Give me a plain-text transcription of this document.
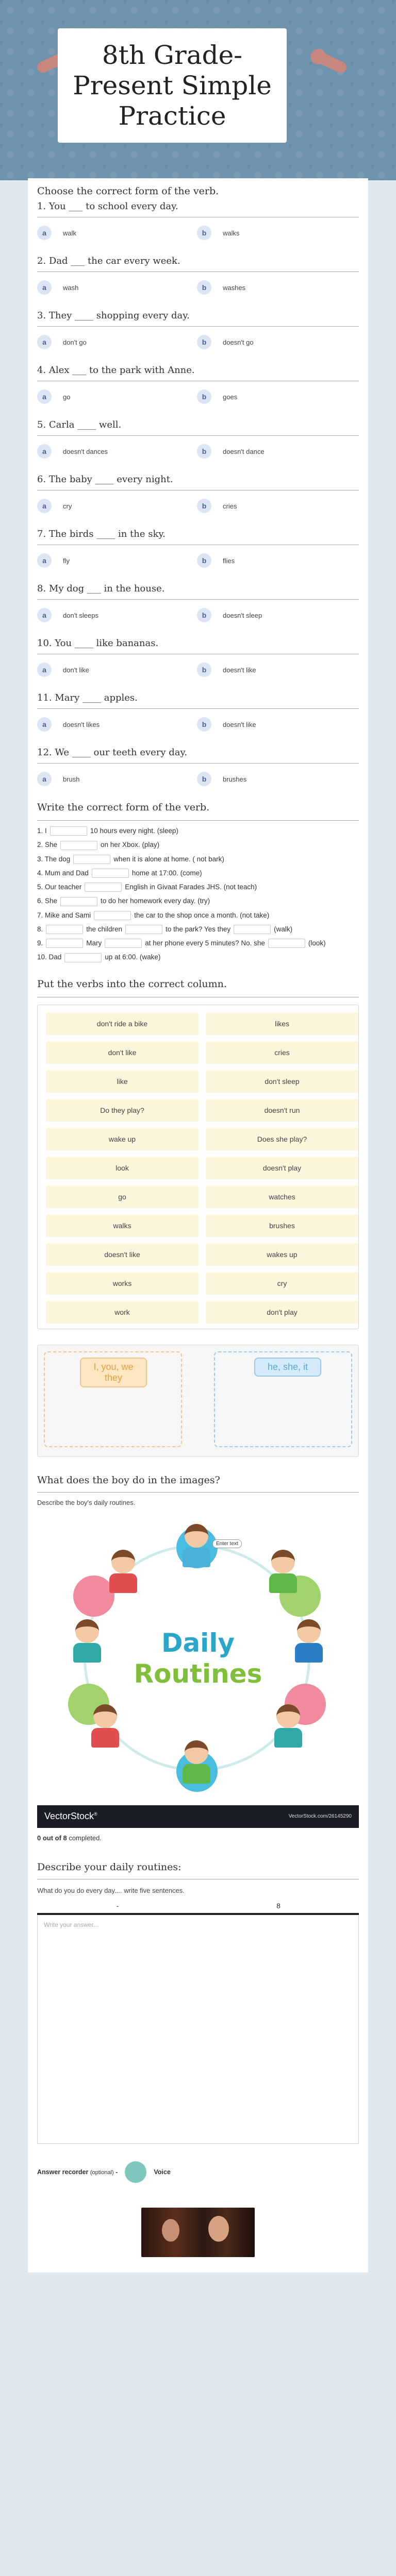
8th Grade- Present Simple Practice
Choose the correct form of the verb.
1. You ___ to school every day.
a	walk	b	walks
2. Dad ___ the car every week.
a	wash	b	washes
3. They ____ shopping every day.
a	don't go	b	doesn't go
4. Alex ___ to the park with Anne.
a	go	b	goes
5. Carla ____ well.
a	doesn't dances	b	doesn't dance
6. The baby ____ every night.
a	cry	b	cries
7. The birds ____ in the sky.
a	fly	b	flies
8. My dog ___ in the house.
a	don't sleeps	b	doesn't sleep
10. You ____ like bananas.
a	don't like	b	doesn't like
11. Mary ____ apples.
a	doesn't likes	b	doesn't like
12. We ____ our teeth every day.
a	brush	b	brushes
Write the correct form of the verb.
1. I	10 hours every night. (sleep)
2. She	on her Xbox. (play)
3. The dog	when it is alone at home. ( not bark)
4. Mum and Dad	home at 17:00. (come)
5. Our teacher	English in Givaat Farades JHS. (not teach)
6. She	to do her homework every day. (try)
7. Mike and Sami	the car to the shop once a month. (not take)
8.	the children	to the park? Yes they	(walk)
9.	Mary	at her phone every 5 minutes? No. she	(look)
10. Dad	up at 6:00. (wake)
Put the verbs into the correct column.
don't ride a bike	likes
don't like	cries
like	don't sleep
Do they play?	doesn't run
wake up	Does she play?
look	doesn't play
go	watches
walks	brushes
doesn't like	wakes up
works	cry
work	don't play
I, you, we they
he, she, it
What does the boy do in the images?
Describe the boy's daily routines.
Enter text
Daily
Routines
VectorStock®	VectorStock.com/26145290
0 out of 8 completed.
Describe your daily routines:
What do you do every day.... write five sentences.
-	8
Write your answer...
Answer recorder (optional) -	Voice
